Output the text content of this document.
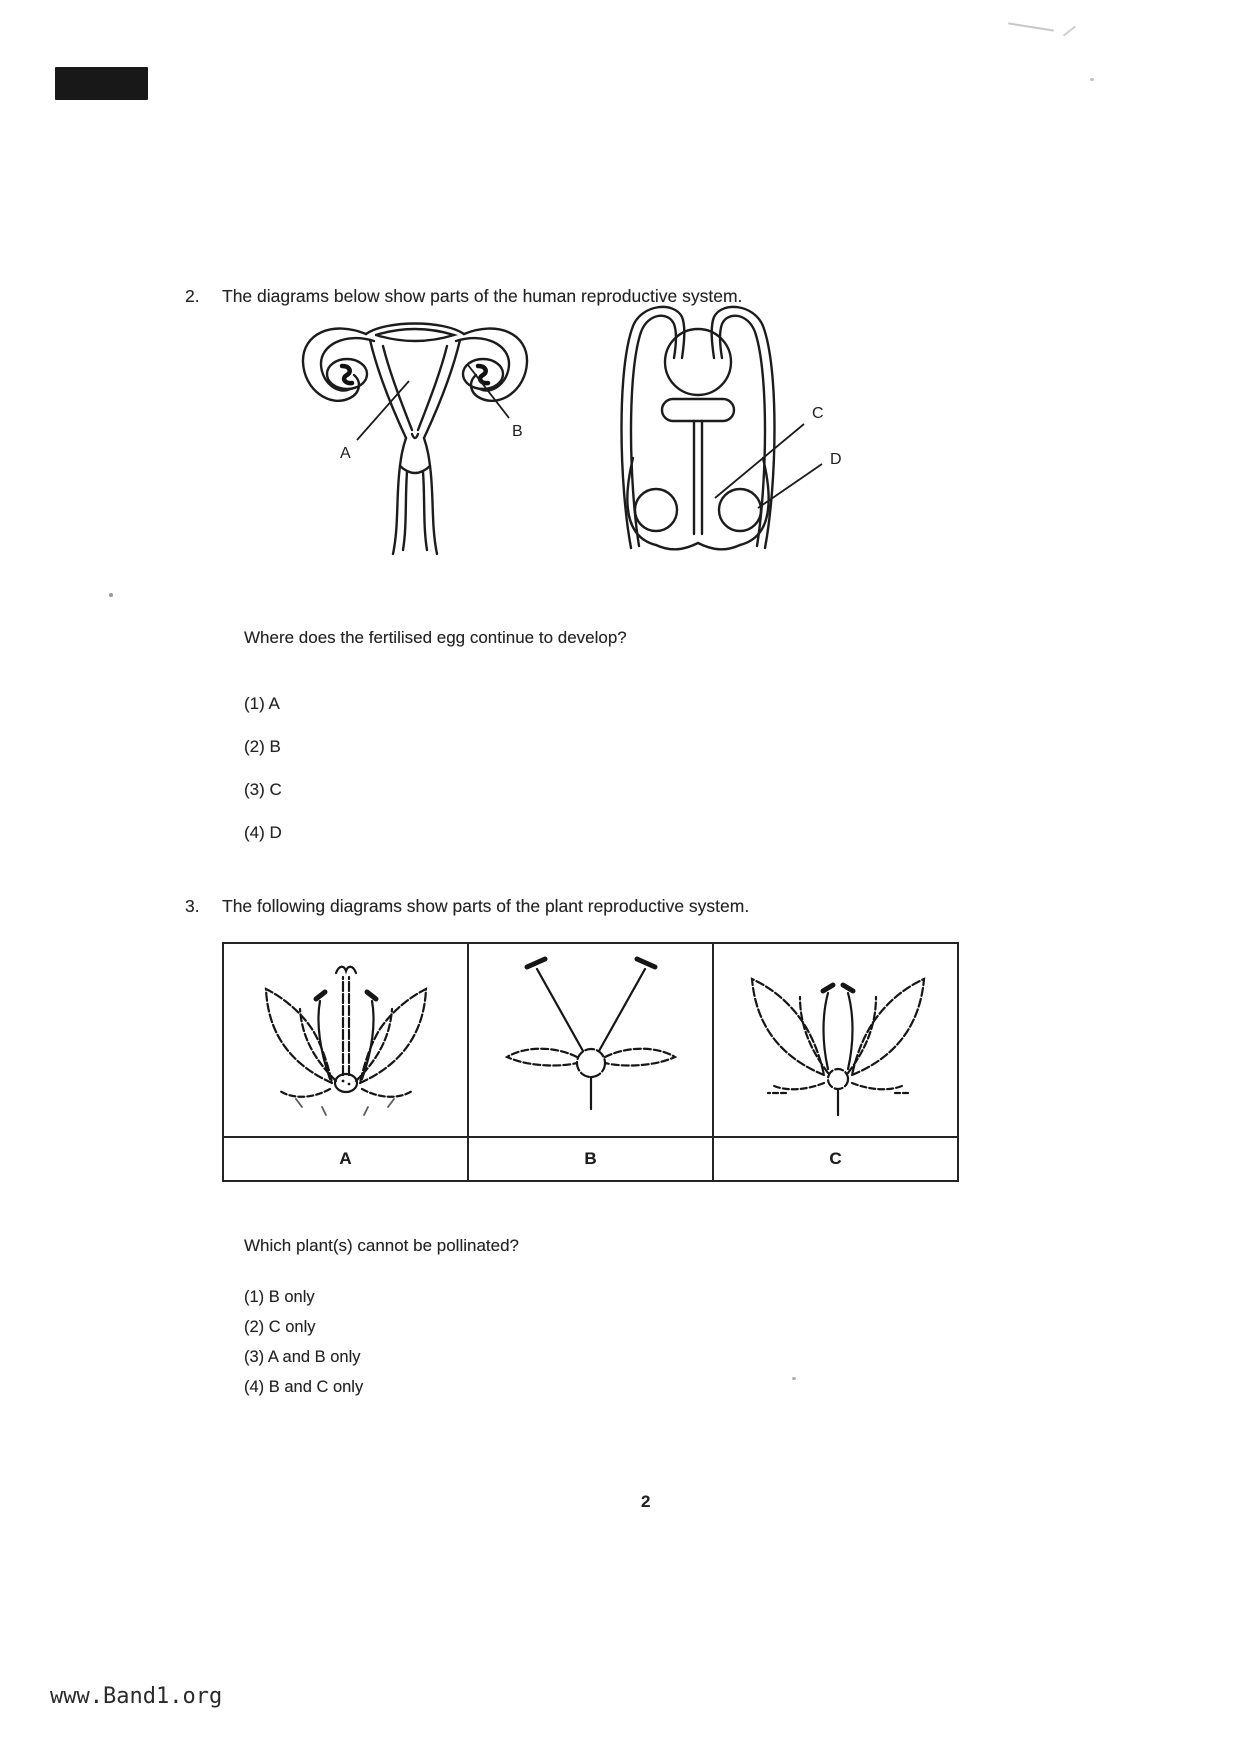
2.	The diagrams below show parts of the human reproductive system.
A
B
C
D
Where does the fertilised egg continue to develop?
(1) A
(2) B
(3) C
(4) D
3.	The following diagrams show parts of the plant reproductive system.
A	B	C
Which plant(s) cannot be pollinated?
(1) B only
(2) C only
(3) A and B only
(4) B and C only
2
www.Band1.org
